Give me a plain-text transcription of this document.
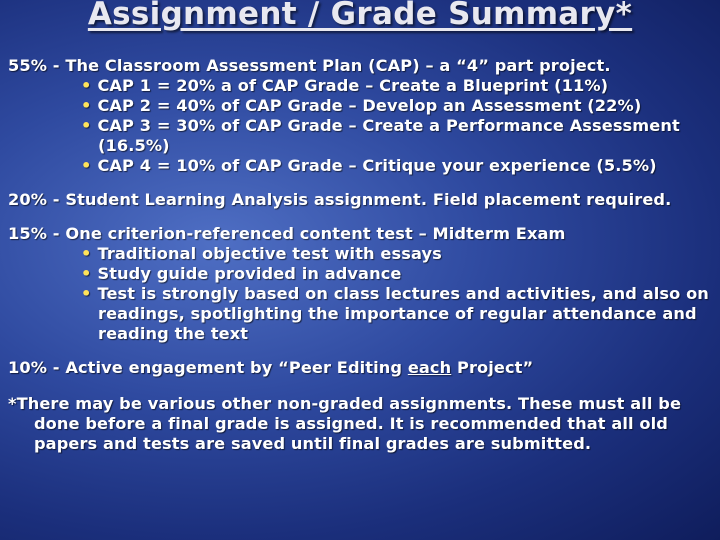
Assignment / Grade Summary*
55% - The Classroom Assessment Plan (CAP) – a “4” part project.
• CAP 1 = 20% a of CAP Grade – Create a Blueprint (11%)
• CAP 2 = 40% of CAP Grade – Develop an Assessment (22%)
• CAP 3 = 30% of CAP Grade – Create a Performance Assessment (16.5%)
• CAP 4 = 10% of CAP Grade – Critique your experience (5.5%)
20% - Student Learning Analysis assignment. Field placement required.
15% - One criterion-referenced content test – Midterm Exam
• Traditional objective test with essays
• Study guide provided in advance
• Test is strongly based on class lectures and activities, and also on readings, spotlighting the importance of regular attendance and reading the text
10% - Active engagement by “Peer Editing each Project”
*There may be various other non-graded assignments. These must all be done before a final grade is assigned. It is recommended that all old papers and tests are saved until final grades are submitted.
